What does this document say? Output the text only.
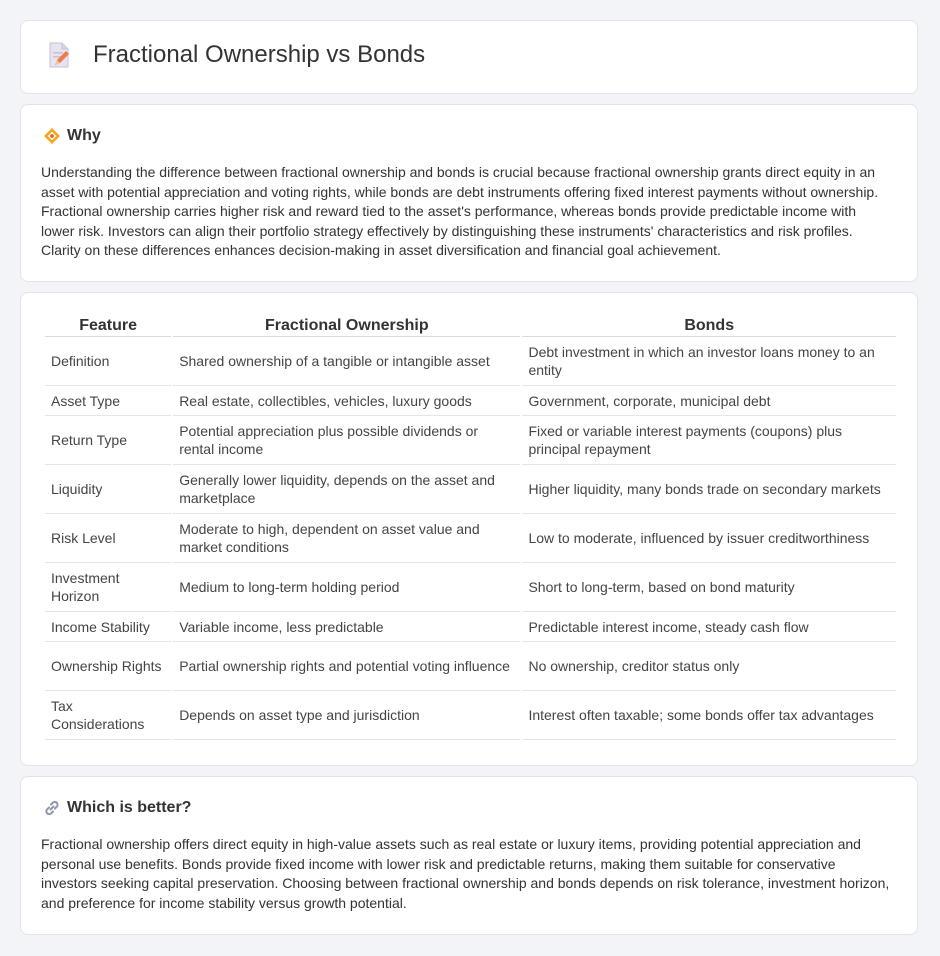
Fractional Ownership vs Bonds
Why

Understanding the difference between fractional ownership and bonds is crucial because fractional ownership grants direct equity in an asset with potential appreciation and voting rights, while bonds are debt instruments offering fixed interest payments without ownership. Fractional ownership carries higher risk and reward tied to the asset's performance, whereas bonds provide predictable income with lower risk. Investors can align their portfolio strategy effectively by distinguishing these instruments' characteristics and risk profiles. Clarity on these differences enhances decision-making in asset diversification and financial goal achievement.

Feature	Fractional Ownership	Bonds
Definition	Shared ownership of a tangible or intangible asset	Debt investment in which an investor loans money to an entity
Asset Type	Real estate, collectibles, vehicles, luxury goods	Government, corporate, municipal debt
Return Type	Potential appreciation plus possible dividends or rental income	Fixed or variable interest payments (coupons) plus principal repayment
Liquidity	Generally lower liquidity, depends on the asset and marketplace	Higher liquidity, many bonds trade on secondary markets
Risk Level	Moderate to high, dependent on asset value and market conditions	Low to moderate, influenced by issuer creditworthiness
Investment Horizon	Medium to long-term holding period	Short to long-term, based on bond maturity
Income Stability	Variable income, less predictable	Predictable interest income, steady cash flow
Ownership Rights	Partial ownership rights and potential voting influence	No ownership, creditor status only
Tax Considerations	Depends on asset type and jurisdiction	Interest often taxable; some bonds offer tax advantages
Which is better?

Fractional ownership offers direct equity in high-value assets such as real estate or luxury items, providing potential appreciation and personal use benefits. Bonds provide fixed income with lower risk and predictable returns, making them suitable for conservative investors seeking capital preservation. Choosing between fractional ownership and bonds depends on risk tolerance, investment horizon, and preference for income stability versus growth potential.
